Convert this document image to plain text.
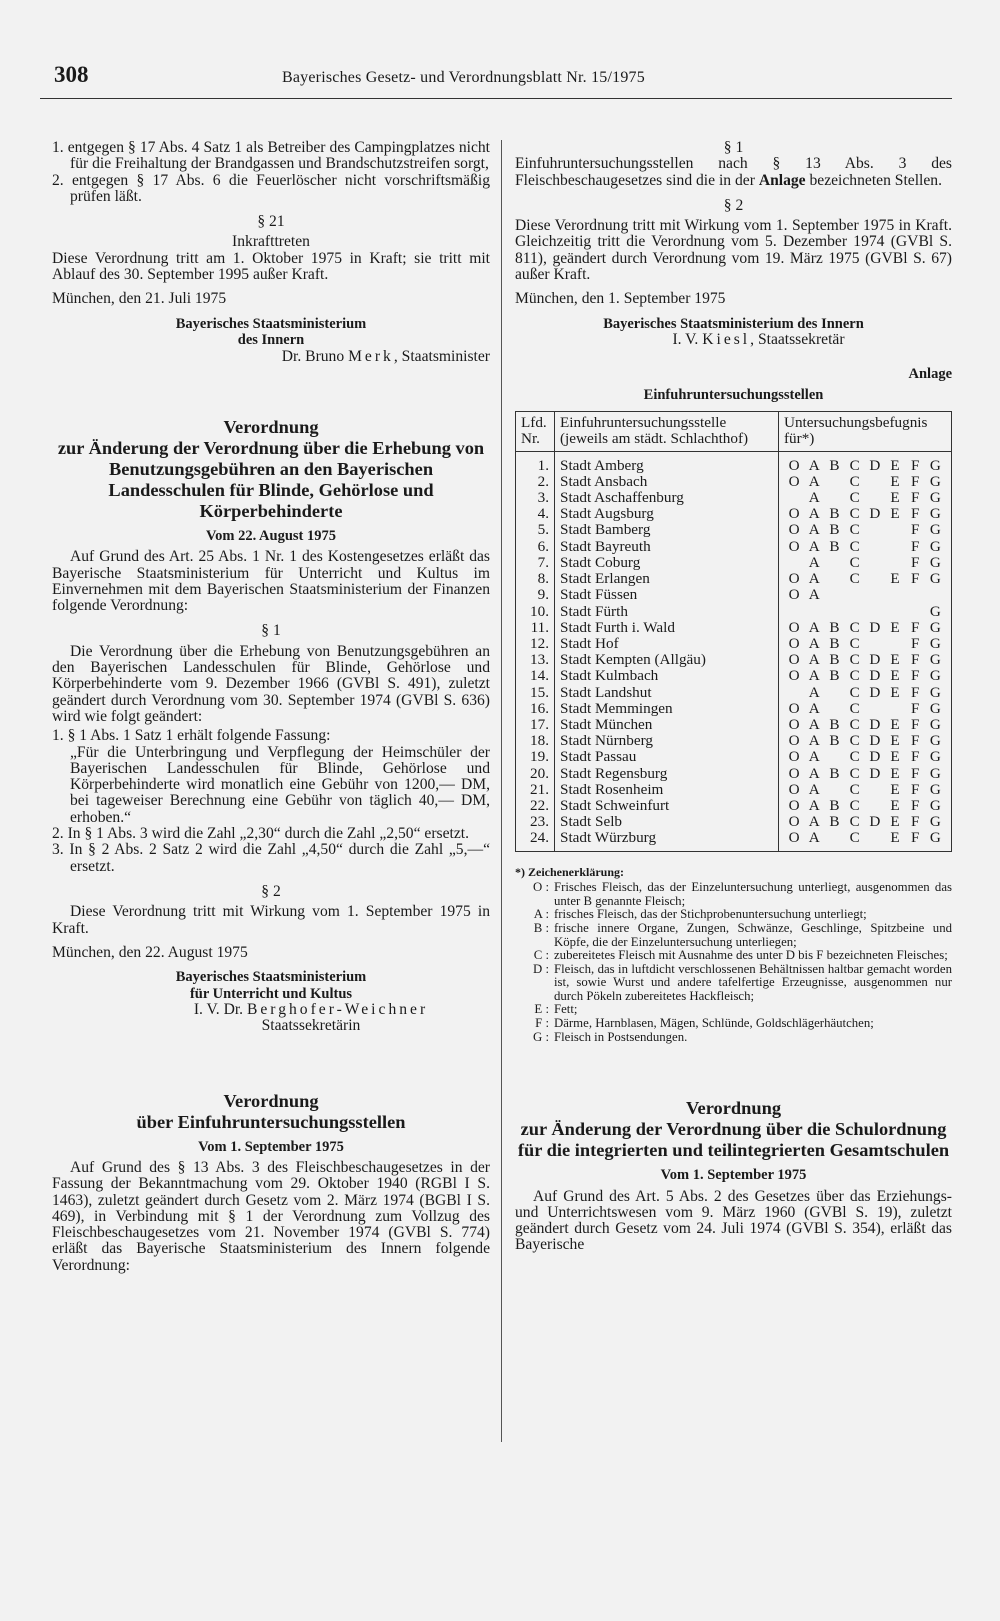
308	Bayerisches Gesetz- und Verordnungsblatt Nr. 15/1975

1. entgegen § 17 Abs. 4 Satz 1 als Betreiber des Campingplatzes nicht für die Freihaltung der Brandgassen und Brandschutzstreifen sorgt,

2. entgegen § 17 Abs. 6 die Feuerlöscher nicht vorschriftsmäßig prüfen läßt.

§ 21

Inkrafttreten

Diese Verordnung tritt am 1. Oktober 1975 in Kraft; sie tritt mit Ablauf des 30. September 1995 außer Kraft.

München, den 21. Juli 1975

Bayerisches Staatsministerium

des Innern

Dr. Bruno Merk, Staatsminister

Verordnung

zur Änderung der Verordnung über die Erhebung von Benutzungsgebühren an den Bayerischen Landesschulen für Blinde, Gehörlose und Körperbehinderte

Vom 22. August 1975

Auf Grund des Art. 25 Abs. 1 Nr. 1 des Kostengesetzes erläßt das Bayerische Staatsministerium für Unterricht und Kultus im Einvernehmen mit dem Bayerischen Staatsministerium der Finanzen folgende Verordnung:

§ 1

Die Verordnung über die Erhebung von Benutzungsgebühren an den Bayerischen Landesschulen für Blinde, Gehörlose und Körperbehinderte vom 9. Dezember 1966 (GVBl S. 491), zuletzt geändert durch Verordnung vom 30. September 1974 (GVBl S. 636) wird wie folgt geändert:

1. § 1 Abs. 1 Satz 1 erhält folgende Fassung:

„Für die Unterbringung und Verpflegung der Heimschüler der Bayerischen Landesschulen für Blinde, Gehörlose und Körperbehinderte wird monatlich eine Gebühr von 1200,— DM, bei tageweiser Berechnung eine Gebühr von täglich 40,— DM, erhoben.“

2. In § 1 Abs. 3 wird die Zahl „2,30“ durch die Zahl „2,50“ ersetzt.

3. In § 2 Abs. 2 Satz 2 wird die Zahl „4,50“ durch die Zahl „5,—“ ersetzt.

§ 2

Diese Verordnung tritt mit Wirkung vom 1. September 1975 in Kraft.

München, den 22. August 1975

Bayerisches Staatsministerium

für Unterricht und Kultus

I. V. Dr. Berghofer-Weichner

Staatssekretärin

Verordnung

über Einfuhruntersuchungsstellen

Vom 1. September 1975

Auf Grund des § 13 Abs. 3 des Fleischbeschaugesetzes in der Fassung der Bekanntmachung vom 29. Oktober 1940 (RGBl I S. 1463), zuletzt geändert durch Gesetz vom 2. März 1974 (BGBl I S. 469), in Verbindung mit § 1 der Verordnung zum Vollzug des Fleischbeschaugesetzes vom 21. November 1974 (GVBl S. 774) erläßt das Bayerische Staatsministerium des Innern folgende Verordnung:

§ 1

Einfuhruntersuchungsstellen nach § 13 Abs. 3 des Fleischbeschaugesetzes sind die in der Anlage bezeichneten Stellen.

§ 2

Diese Verordnung tritt mit Wirkung vom 1. September 1975 in Kraft. Gleichzeitig tritt die Verordnung vom 5. Dezember 1974 (GVBl S. 811), geändert durch Verordnung vom 19. März 1975 (GVBl S. 67) außer Kraft.

München, den 1. September 1975

Bayerisches Staatsministerium des Innern

I. V. Kiesl, Staatssekretär

Anlage

Einfuhruntersuchungsstellen

Lfd. Nr.	Einfuhruntersuchungsstelle (jeweils am städt. Schlachthof)	Untersuchungsbefugnis für*)
1.	Stadt Amberg	O A B C D E F G
2.	Stadt Ansbach	O A C E F G
3.	Stadt Aschaffenburg	A C E F G
4.	Stadt Augsburg	O A B C D E F G
5.	Stadt Bamberg	O A B C F G
6.	Stadt Bayreuth	O A B C F G
7.	Stadt Coburg	A C F G
8.	Stadt Erlangen	O A C E F G
9.	Stadt Füssen	O A
10.	Stadt Fürth	G
11.	Stadt Furth i. Wald	O A B C D E F G
12.	Stadt Hof	O A B C F G
13.	Stadt Kempten (Allgäu)	O A B C D E F G
14.	Stadt Kulmbach	O A B C D E F G
15.	Stadt Landshut	A C D E F G
16.	Stadt Memmingen	O A C F G
17.	Stadt München	O A B C D E F G
18.	Stadt Nürnberg	O A B C D E F G
19.	Stadt Passau	O A C D E F G
20.	Stadt Regensburg	O A B C D E F G
21.	Stadt Rosenheim	O A C E F G
22.	Stadt Schweinfurt	O A B C E F G
23.	Stadt Selb	O A B C D E F G
24.	Stadt Würzburg	O A C E F G

*) Zeichenerklärung:

O : Frisches Fleisch, das der Einzeluntersuchung unterliegt, ausgenommen das unter B genannte Fleisch;
A : frisches Fleisch, das der Stichprobenuntersuchung unterliegt;
B : frische innere Organe, Zungen, Schwänze, Geschlinge, Spitzbeine und Köpfe, die der Einzeluntersuchung unterliegen;
C : zubereitetes Fleisch mit Ausnahme des unter D bis F bezeichneten Fleisches;
D : Fleisch, das in luftdicht verschlossenen Behältnissen haltbar gemacht worden ist, sowie Wurst und andere tafelfertige Erzeugnisse, ausgenommen nur durch Pökeln zubereitetes Hackfleisch;
E : Fett;
F : Därme, Harnblasen, Mägen, Schlünde, Goldschlägerhäutchen;
G : Fleisch in Postsendungen.

Verordnung

zur Änderung der Verordnung über die Schulordnung für die integrierten und teilintegrierten Gesamtschulen

Vom 1. September 1975

Auf Grund des Art. 5 Abs. 2 des Gesetzes über das Erziehungs- und Unterrichtswesen vom 9. März 1960 (GVBl S. 19), zuletzt geändert durch Gesetz vom 24. Juli 1974 (GVBl S. 354), erläßt das Bayerische
